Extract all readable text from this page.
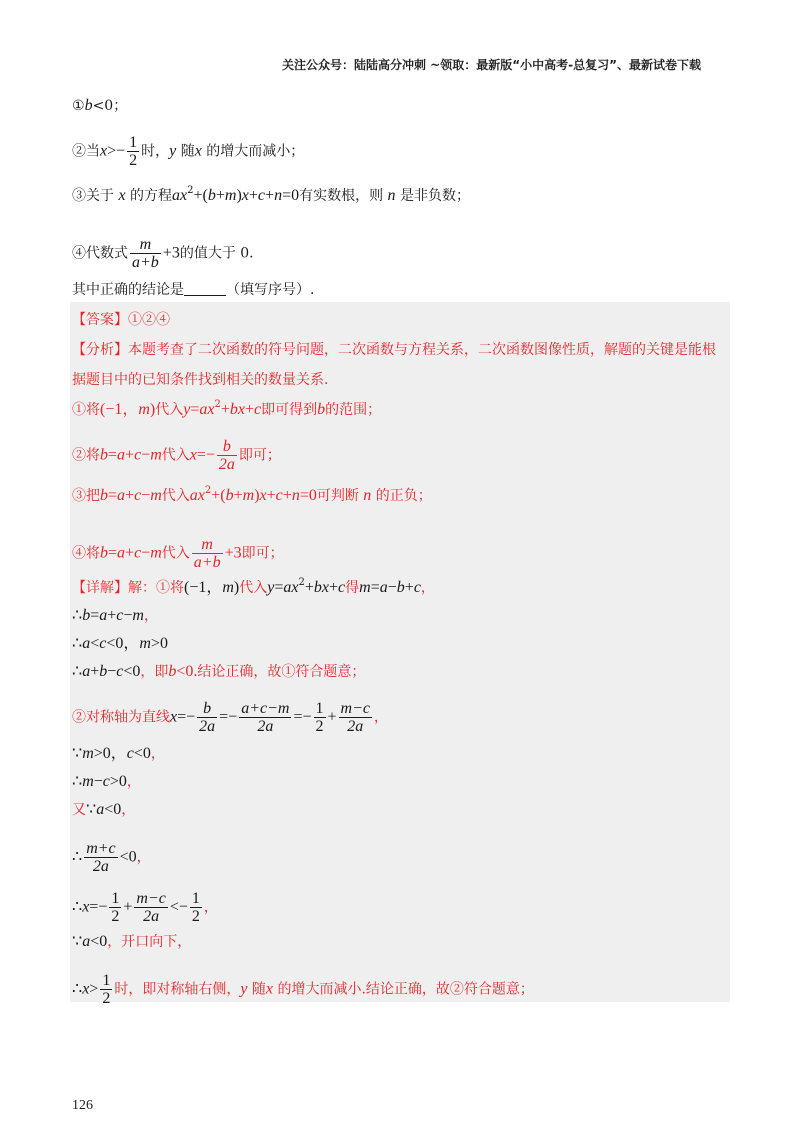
关注公众号：陆陆高分冲刺 ~领取：最新版“小中高考-总复习”、最新试卷下载
①b<0；
②当$x>- \frac{1}{2}$ 时，y 随x 的增大而减小；
③关于 x 的方程$ax^2+(b+m)x+c+n=0$有实数根，则 n 是非负数；
④代数式 $\frac{m}{a+b} +3$的值大于 0.
其中正确的结论是	（填写序号）.
【答案】①②④
【分析】本题考查了二次函数的符号问题，二次函数与方程关系，二次函数图像性质，解题的关键是能根
据题目中的已知条件找到相关的数量关系.
①将(−1，m)代入$y=ax^2+bx+c$即可得到b的范围；
②将b=a+c−m代入$x=- \frac{b}{2a}$ 即可；
③把b=a+c−m代入$ax^2+(b+m)x+c+n=0$可判断 n 的正负；
④将b=a+c−m代入 $\frac{m}{a+b} +3$即可；
【详解】解：①将(−1，m)代入$y=ax^2+bx+c$得m=a−b+c，
∴b=a+c−m，
∴a<c<0，m>0
∴a+b−c<0，即b<0.结论正确，故①符合题意；
②对称轴为直线$x=- \frac{b}{2a} =- \frac{a+c-m}{2a} =- \frac{1}{2} + \frac{m-c}{2a}$ ，
∵m>0，c<0，
∴m−c>0，
又∵a<0，
∴ $\frac{m+c}{2a} <0$，
∴x=− $\frac{1}{2} + \frac{m-c}{2a} <- \frac{1}{2}$ ，
∵a<0，开口向下，
∴x> $\frac{1}{2}$ 时，即对称轴右侧，y 随x 的增大而减小.结论正确，故②符合题意；
126
